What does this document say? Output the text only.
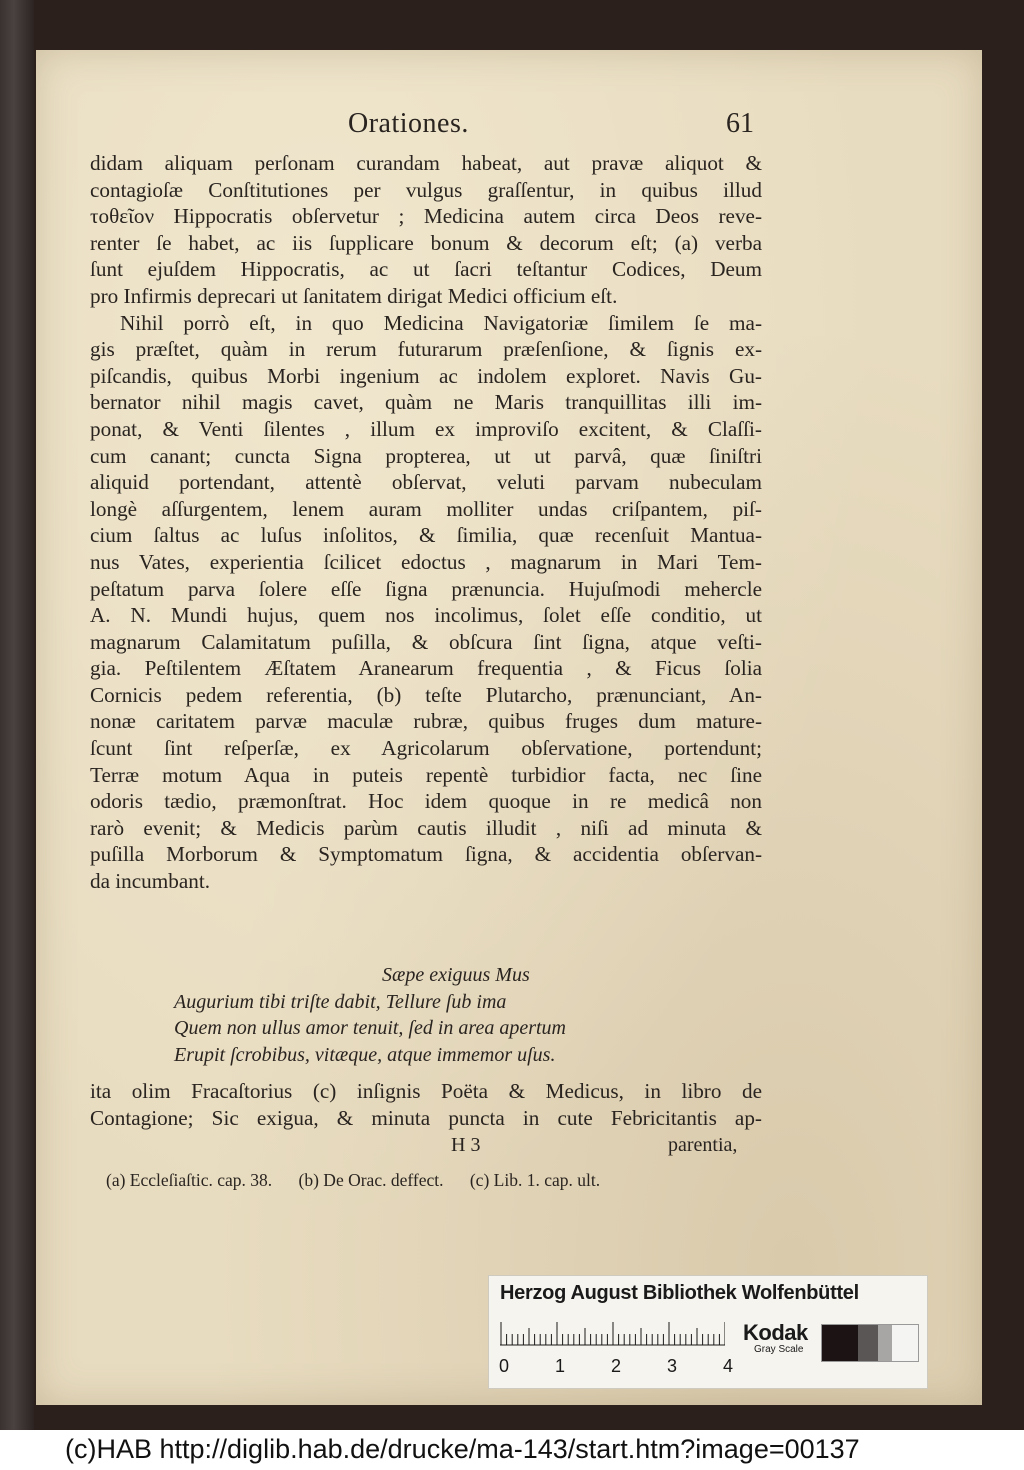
Orationes.	61
didam aliquam perſonam curandam habeat, aut pravæ aliquot &
contagioſæ Conſtitutiones per vulgus graſſentur, in quibus illud
τοθεῖον Hippocratis obſervetur ; Medicina autem circa Deos reve-
renter ſe habet, ac iis ſupplicare bonum & decorum eſt; (a) verba
ſunt ejuſdem Hippocratis, ac ut ſacri teſtantur Codices, Deum
pro Infirmis deprecari ut ſanitatem dirigat Medici officium eſt.
Nihil porrò eſt, in quo Medicina Navigatoriæ ſimilem ſe ma-
gis præſtet, quàm in rerum futurarum præſenſione, & ſignis ex-
piſcandis, quibus Morbi ingenium ac indolem exploret. Navis Gu-
bernator nihil magis cavet, quàm ne Maris tranquillitas illi im-
ponat, & Venti ſilentes , illum ex improviſo excitent, & Claſſi-
cum canant; cuncta Signa propterea, ut ut parvâ, quæ ſiniſtri
aliquid portendant, attentè obſervat, veluti parvam nubeculam
longè aſſurgentem, lenem auram molliter undas criſpantem, piſ-
cium ſaltus ac luſus inſolitos, & ſimilia, quæ recenſuit Mantua-
nus Vates, experientia ſcilicet edoctus , magnarum in Mari Tem-
peſtatum parva ſolere eſſe ſigna prænuncia. Hujuſmodi mehercle
A. N. Mundi hujus, quem nos incolimus, ſolet eſſe conditio, ut
magnarum Calamitatum puſilla, & obſcura ſint ſigna, atque veſti-
gia. Peſtilentem Æſtatem Aranearum frequentia , & Ficus ſolia
Cornicis pedem referentia, (b) teſte Plutarcho, prænunciant, An-
nonæ caritatem parvæ maculæ rubræ, quibus fruges dum mature-
ſcunt ſint reſperſæ, ex Agricolarum obſervatione, portendunt;
Terræ motum Aqua in puteis repentè turbidior facta, nec ſine
odoris tædio, præmonſtrat. Hoc idem quoque in re medicâ non
rarò evenit; & Medicis parùm cautis illudit , niſi ad minuta &
puſilla Morborum & Symptomatum ſigna, & accidentia obſervan-
da incumbant.
Sæpe exiguus Mus
Augurium tibi triſte dabit, Tellure ſub ima
Quem non ullus amor tenuit, ſed in area apertum
Erupit ſcrobibus, vitæque, atque immemor uſus.
ita olim Fracaſtorius (c) inſignis Poëta & Medicus, in libro de
Contagione; Sic exigua, & minuta puncta in cute Febricitantis ap-
H 3	parentia,
(a) Eccleſiaſtic. cap. 38. (b) De Orac. deffect. (c) Lib. 1. cap. ult.
Herzog August Bibliothek Wolfenbüttel
0	1	2	3	4
Kodak
Gray Scale
(c)HAB http://diglib.hab.de/drucke/ma-143/start.htm?image=00137
